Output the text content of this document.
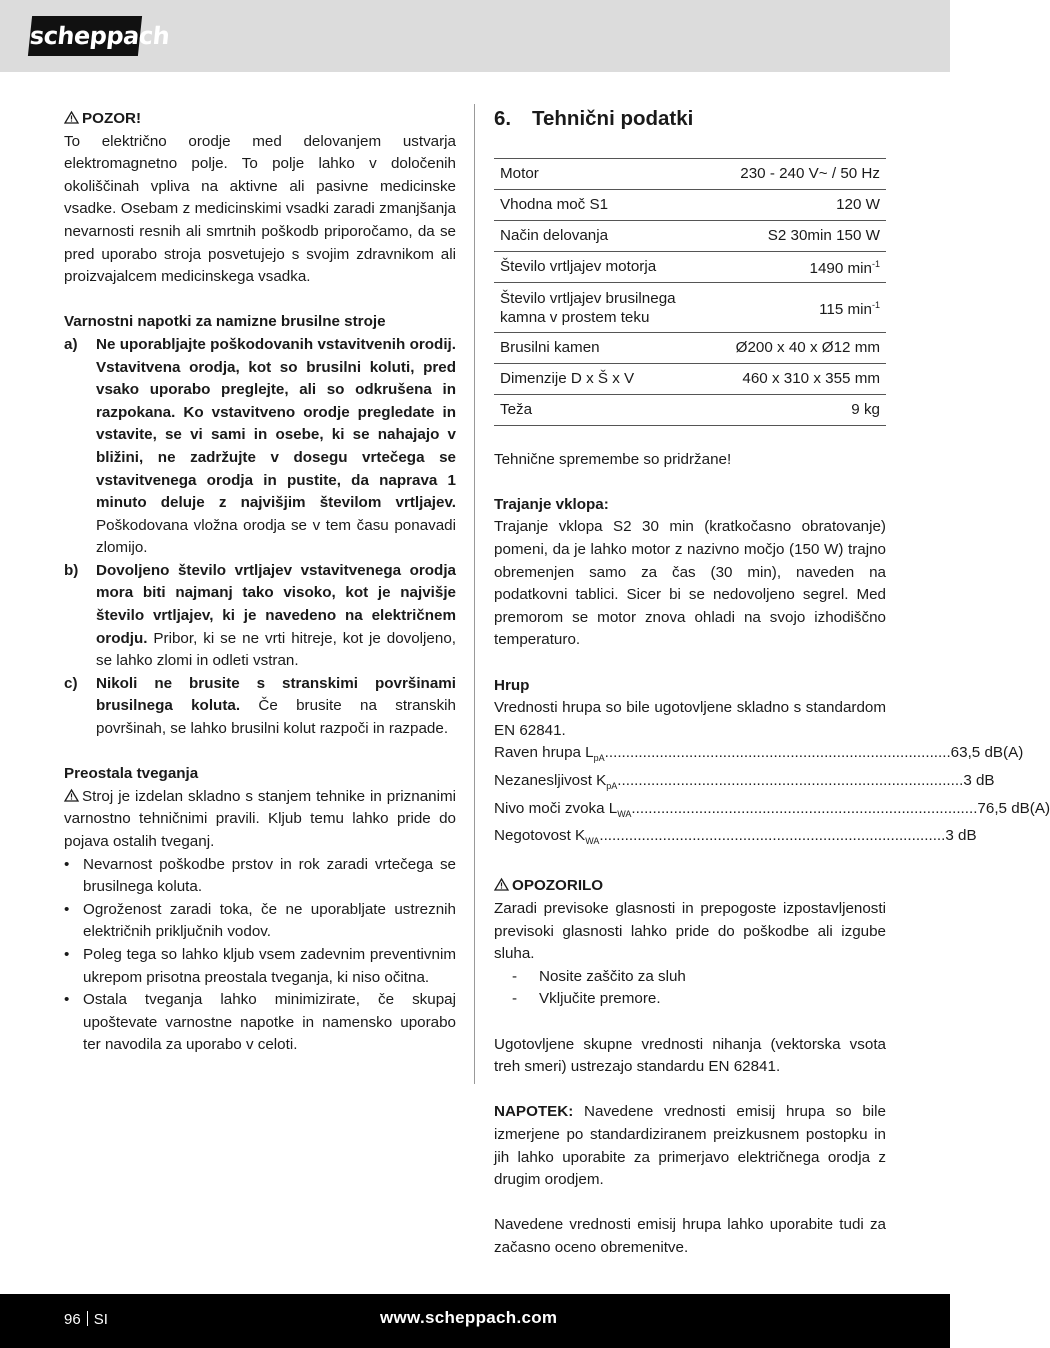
scheppach

POZOR!

To električno orodje med delovanjem ustvarja elektromagnetno polje. To polje lahko v določenih okoliščinah vpliva na aktivne ali pasivne medicinske vsadke. Osebam z medicinskimi vsadki zaradi zmanjšanja nevarnosti resnih ali smrtnih poškodb priporočamo, da se pred uporabo stroja posvetujejo s svojim zdravnikom ali proizvajalcem medicinskega vsadka.

Varnostni napotki za namizne brusilne stroje

a)	Ne uporabljajte poškodovanih vstavitvenih orodij. Vstavitvena orodja, kot so brusilni koluti, pred vsako uporabo preglejte, ali so odkrušena in razpokana. Ko vstavitveno orodje pregledate in vstavite, se vi sami in osebe, ki se nahajajo v bližini, ne zadržujte v dosegu vrtečega se vstavitvenega orodja in pustite, da naprava 1 minuto deluje z najvišjim številom vrtljajev. Poškodovana vložna orodja se v tem času ponavadi zlomijo.

b)	Dovoljeno število vrtljajev vstavitvenega orodja mora biti najmanj tako visoko, kot je najvišje število vrtljajev, ki je navedeno na električnem orodju. Pribor, ki se ne vrti hitreje, kot je dovoljeno, se lahko zlomi in odleti vstran.

c)	Nikoli ne brusite s stranskimi površinami brusilnega koluta. Če brusite na stranskih površinah, se lahko brusilni kolut razpoči in razpade.

Preostala tveganja

Stroj je izdelan skladno s stanjem tehnike in priznanimi varnostno tehničnimi pravili. Kljub temu lahko pride do pojava ostalih tveganj.

• Nevarnost poškodbe prstov in rok zaradi vrtečega se brusilnega koluta.

• Ogroženost zaradi toka, če ne uporabljate ustreznih električnih priključnih vodov.

• Poleg tega so lahko kljub vsem zadevnim preventivnim ukrepom prisotna preostala tveganja, ki niso očitna.

• Ostala tveganja lahko minimizirate, če skupaj upoštevate varnostne napotke in namensko uporabo ter navodila za uporabo v celoti.

6. Tehnični podatki
Motor	230 - 240 V~ / 50 Hz
Vhodna moč S1	120 W
Način delovanja	S2 30min 150 W
Število vrtljajev motorja	1490 $\min^{-1}$
Število vrtljajev brusilnega kamna v prostem teku	115 $\min^{-1}$
Brusilni kamen	Ø200 x 40 x Ø12 mm
Dimenzije D x Š x V	460 x 310 x 355 mm
Teža	9 kg

Tehnične spremembe so pridržane!

Trajanje vklopa:

Trajanje vklopa S2 30 min (kratkočasno obratovanje) pomeni, da je lahko motor z nazivno močjo (150 W) trajno obremenjen samo za čas (30 min), naveden na podatkovni tablici. Sicer bi se nedovoljeno segrel. Med premorom se motor znova ohladi na svojo izhodiščno temperaturo.

Hrup

Vrednosti hrupa so bile ugotovljene skladno s standardom EN 62841.

Raven hrupa $L_{pA}$ .................................................................................. 63,5 dB(A)
Nezanesljivost $K_{pA}$ .................................................................................. 3 dB
Nivo moči zvoka $L_{WA}$ .................................................................................. 76,5 dB(A)
Negotovost $K_{WA}$ .................................................................................. 3 dB

OPOZORILO

Zaradi previsoke glasnosti in prepogoste izpostavljenosti previsoki glasnosti lahko pride do poškodbe ali izgube sluha.

-	Nosite zaščito za sluh
-	Vključite premore.

Ugotovljene skupne vrednosti nihanja (vektorska vsota treh smeri) ustrezajo standardu EN 62841.

NAPOTEK: Navedene vrednosti emisij hrupa so bile izmerjene po standardiziranem preizkusnem postopku in jih lahko uporabite za primerjavo električnega orodja z drugim orodjem.

Navedene vrednosti emisij hrupa lahko uporabite tudi za začasno oceno obremenitve.

96 SI	www.scheppach.com
